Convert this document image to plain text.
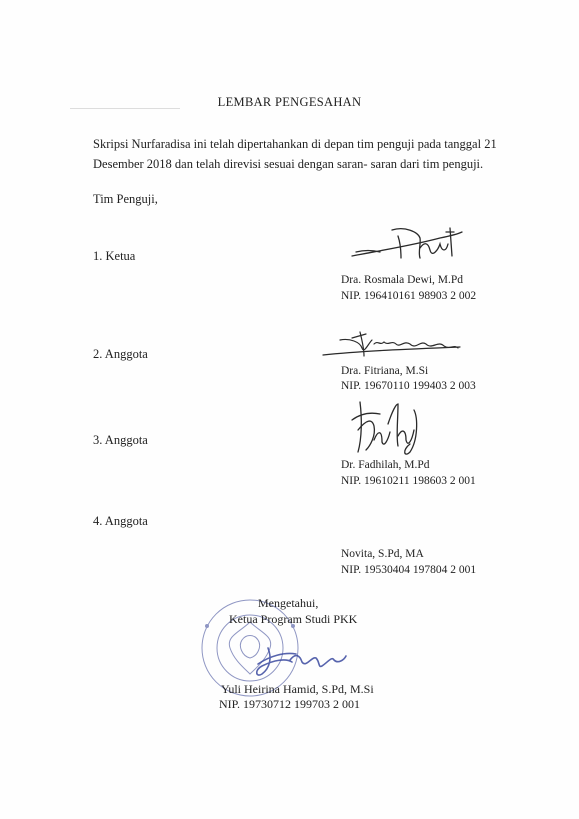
LEMBAR PENGESAHAN
Skripsi Nurfaradisa ini telah dipertahankan di depan tim penguji pada tanggal 21
Desember 2018 dan telah direvisi sesuai dengan saran- saran dari tim penguji.
Tim Penguji,
1. Ketua
Dra. Rosmala Dewi, M.Pd
NIP. 196410161 98903 2 002
2. Anggota
Dra. Fitriana, M.Si
NIP. 19670110 199403 2 003
3. Anggota
Dr. Fadhilah, M.Pd
NIP. 19610211 198603 2 001
4. Anggota
Novita, S.Pd, MA
NIP. 19530404 197804 2 001
Mengetahui,
Ketua Program Studi PKK
Yuli Heirina Hamid, S.Pd, M.Si
NIP. 19730712 199703 2 001
